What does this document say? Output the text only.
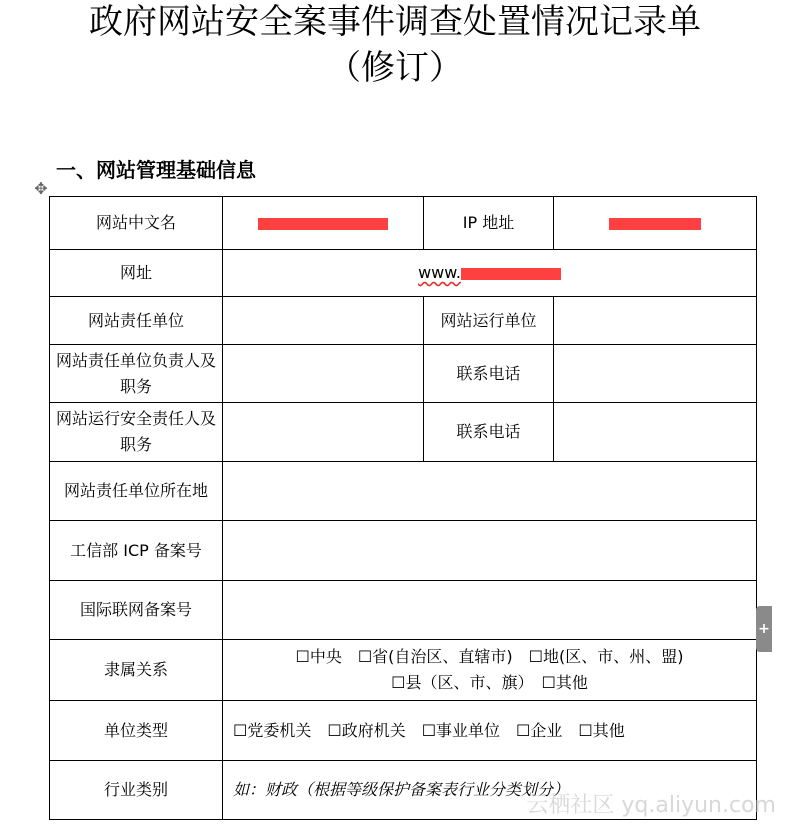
政府网站安全案事件调查处置情况记录单
（修订）
一、网站管理基础信息
✥
网站中文名		IP 地址	
网址	www.		
网站责任单位		网站运行单位	
网站责任单位负责人及职务		联系电话	
网站运行安全责任人及职务		联系电话	
网站责任单位所在地			
工信部 ICP 备案号			
国际联网备案号			
隶属关系	☐中央　☐省(自治区、直辖市)　☐地(区、市、州、盟)
☐县（区、市、旗）　☐其他		

单位类型	☐党委机关　☐政府机关　☐事业单位　☐企业　☐其他		
行业类别	如：财政（根据等级保护备案表行业分类划分）		
+
云栖社区 yq.aliyun.com
